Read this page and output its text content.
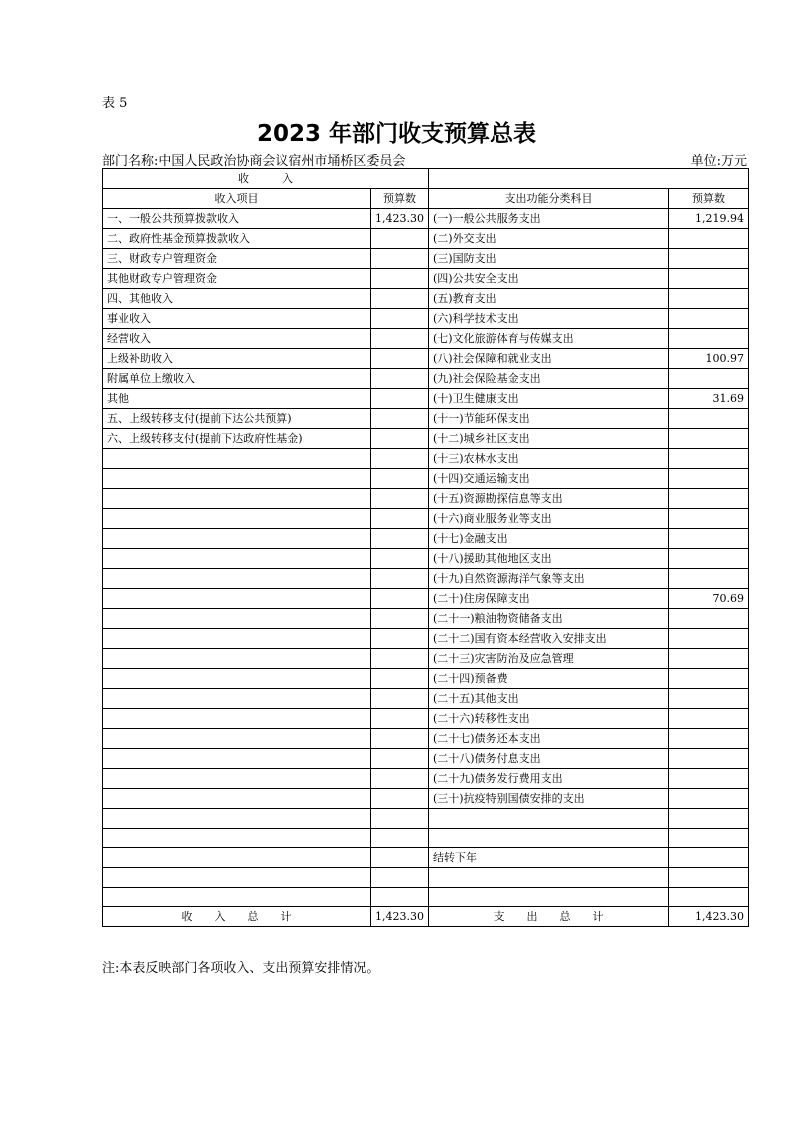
表 5
2023 年部门收支预算总表
部门名称:中国人民政治协商会议宿州市埇桥区委员会	单位:万元
收　　　入			
收入项目	预算数	支出功能分类科目	预算数
一、一般公共预算拨款收入	1,423.30	(一)一般公共服务支出	1,219.94
二、政府性基金预算拨款收入		(二)外交支出	
三、财政专户管理资金		(三)国防支出	
其他财政专户管理资金		(四)公共安全支出	
四、其他收入		(五)教育支出	
事业收入		(六)科学技术支出	
经营收入		(七)文化旅游体育与传媒支出	
上级补助收入		(八)社会保障和就业支出	100.97
附属单位上缴收入		(九)社会保险基金支出	
其他		(十)卫生健康支出	31.69
五、上级转移支付(提前下达公共预算)		(十一)节能环保支出	
六、上级转移支付(提前下达政府性基金)		(十二)城乡社区支出	
		(十三)农林水支出	
		(十四)交通运输支出	
		(十五)资源勘探信息等支出	
		(十六)商业服务业等支出	
		(十七)金融支出	
		(十八)援助其他地区支出	
		(十九)自然资源海洋气象等支出	
		(二十)住房保障支出	70.69
		(二十一)粮油物资储备支出	
		(二十二)国有资本经营收入安排支出	
		(二十三)灾害防治及应急管理	
		(二十四)预备费	
		(二十五)其他支出	
		(二十六)转移性支出	
		(二十七)债务还本支出	
		(二十八)债务付息支出	
		(二十九)债务发行费用支出	
		(三十)抗疫特别国债安排的支出	

		结转下年	

收　　入　　总　　计	1,423.30	支　　出　　总　　计	1,423.30
注:本表反映部门各项收入、支出预算安排情况。
